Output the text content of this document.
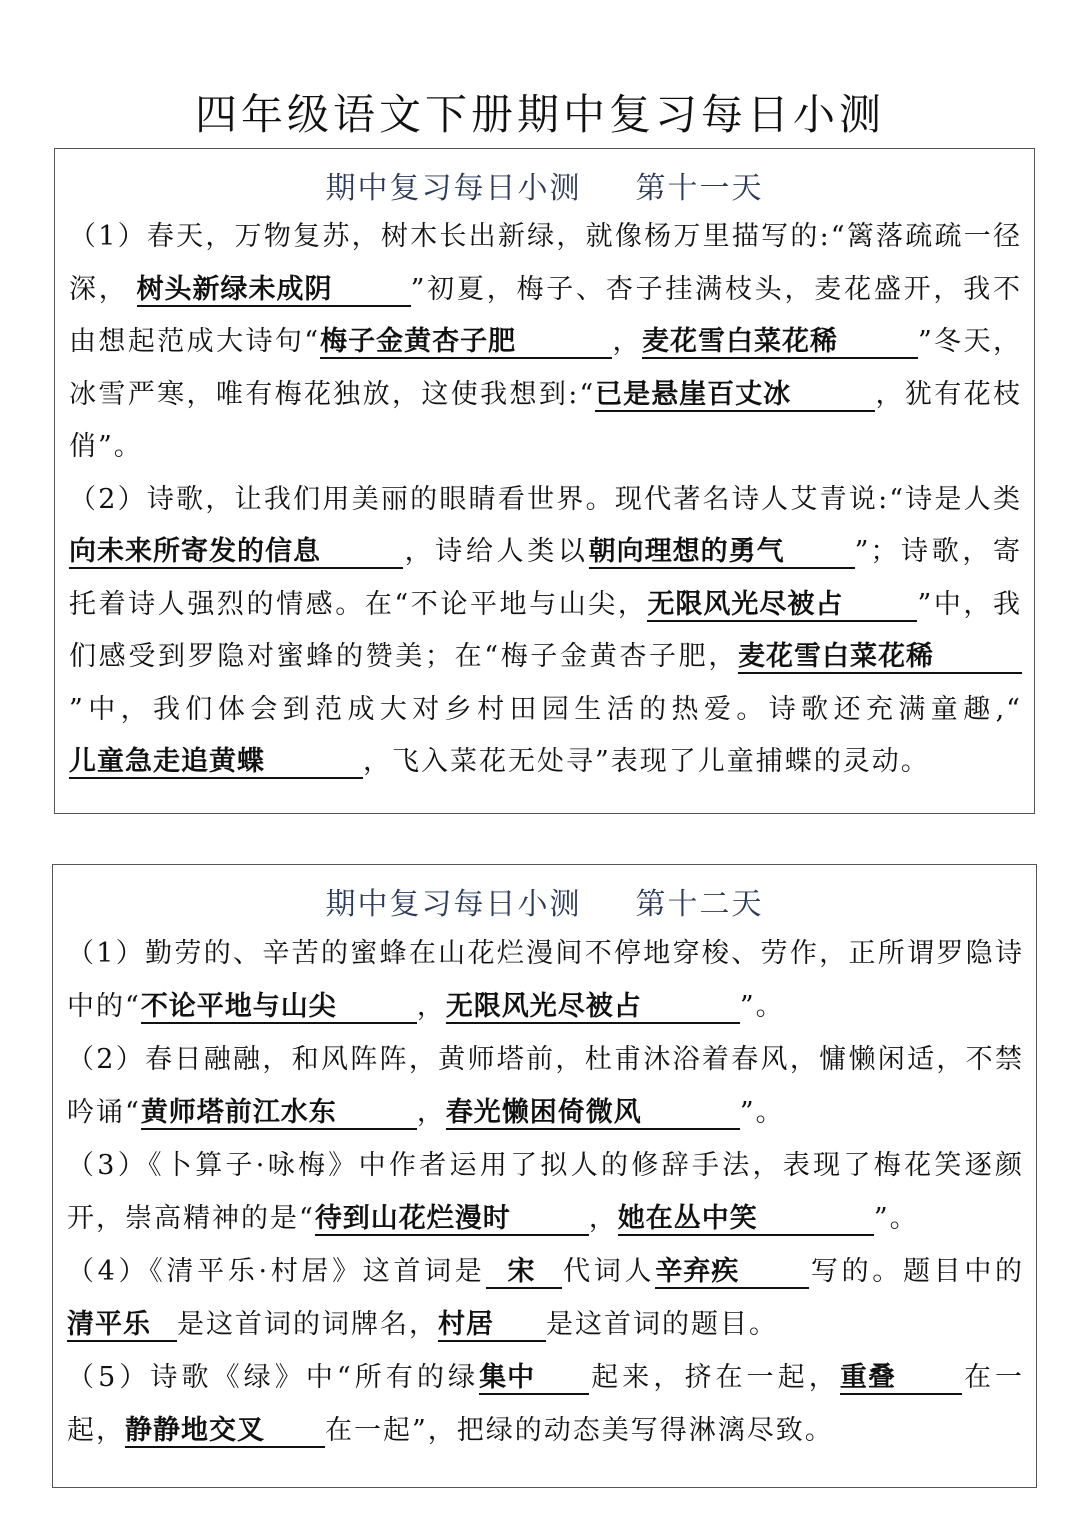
四年级语文下册期中复习每日小测
期中复习每日小测 第十一天
（1）春天，万物复苏，树木长出新绿，就像杨万里描写的:“篱落疏疏一径深， 树头新绿未成阴	”初夏，梅子、杏子挂满枝头，麦花盛开，我不由想起范成大诗句“梅子金黄杏子肥	，麦花雪白菜花稀	”冬天，冰雪严寒，唯有梅花独放，这使我想到:“已是悬崖百丈冰	，犹有花枝俏”。
（2）诗歌，让我们用美丽的眼睛看世界。现代著名诗人艾青说:“诗是人类向未来所寄发的信息	，诗给人类以朝向理想的勇气	”；诗歌，寄托着诗人强烈的情感。在“不论平地与山尖，无限风光尽被占	”中，我们感受到罗隐对蜜蜂的赞美；在“梅子金黄杏子肥，麦花雪白菜花稀”中，我们体会到范成大对乡村田园生活的热爱。诗歌还充满童趣,“儿童急走追黄蝶	，飞入菜花无处寻”表现了儿童捕蝶的灵动。
期中复习每日小测 第十二天
（1）勤劳的、辛苦的蜜蜂在山花烂漫间不停地穿梭、劳作，正所谓罗隐诗中的“不论平地与山尖	，无限风光尽被占	”。
（2）春日融融，和风阵阵，黄师塔前，杜甫沐浴着春风，慵懒闲适，不禁吟诵“黄师塔前江水东	，春光懒困倚微风	”。
（3）《卜算子·咏梅》中作者运用了拟人的修辞手法，表现了梅花笑逐颜开，崇高精神的是“待到山花烂漫时	，她在丛中笑	”。
（4）《清平乐·村居》这首词是 宋 代词人辛弃疾	写的。题目中的清平乐 是这首词的词牌名，村居 是这首词的题目。
（5）诗歌《绿》中“所有的绿集中 起来，挤在一起，重叠 在一起，静静地交叉 在一起”，把绿的动态美写得淋漓尽致。
